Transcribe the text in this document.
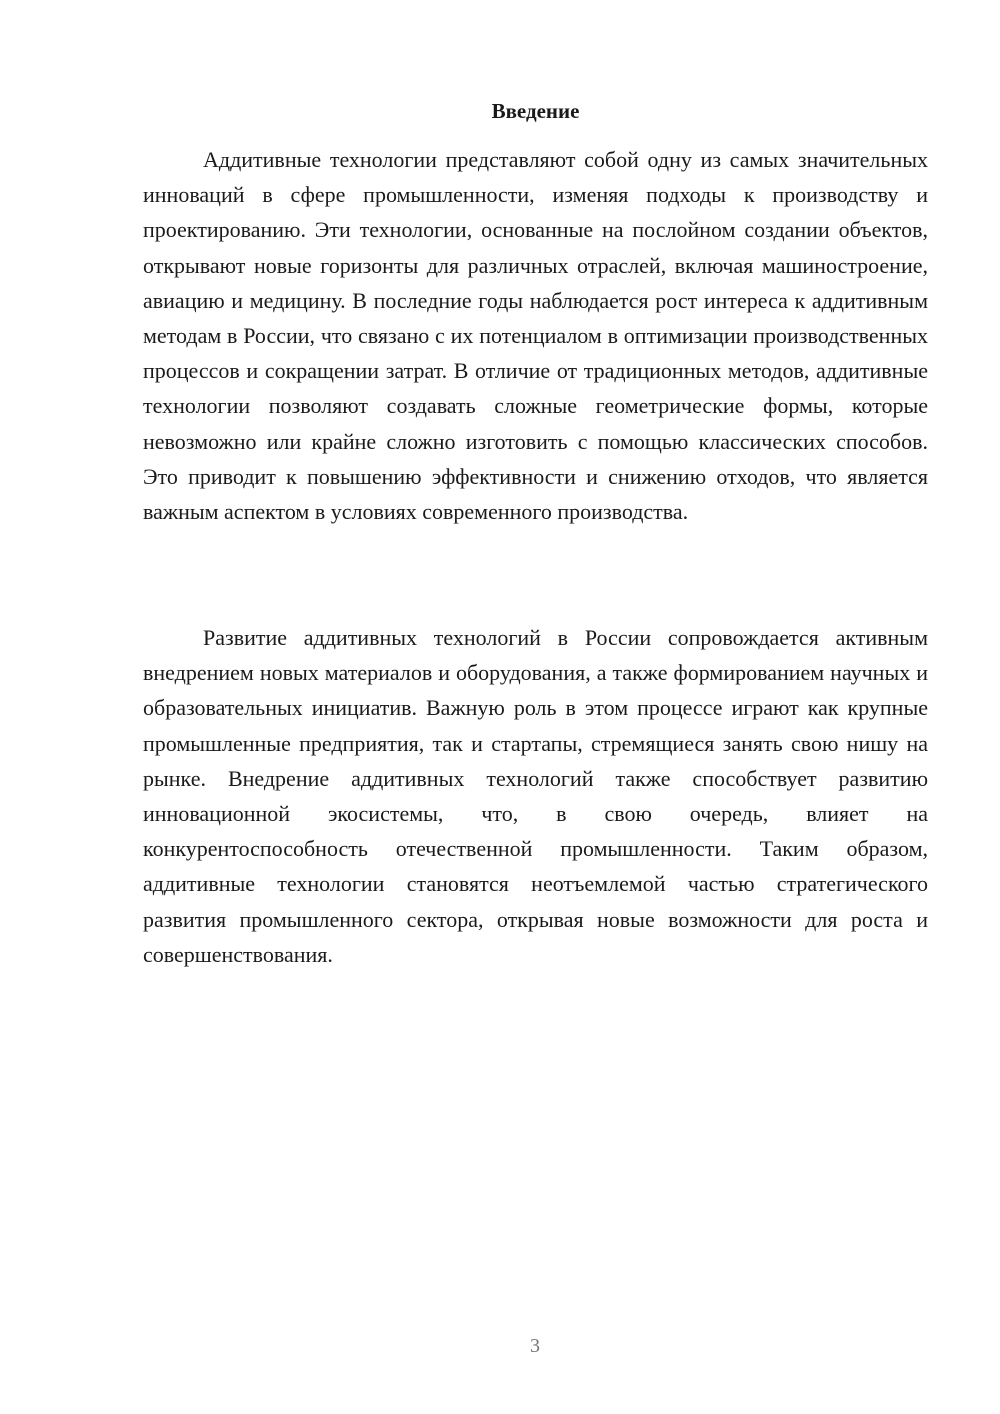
Введение

Аддитивные технологии представляют собой одну из самых значительных инноваций в сфере промышленности, изменяя подходы к производству и проектированию. Эти технологии, основанные на послойном создании объектов, открывают новые горизонты для различных отраслей, включая машиностроение, авиацию и медицину. В последние годы наблюдается рост интереса к аддитивным методам в России, что связано с их потенциалом в оптимизации производственных процессов и сокращении затрат. В отличие от традиционных методов, аддитивные технологии позволяют создавать сложные геометрические формы, которые невозможно или крайне сложно изготовить с помощью классических способов. Это приводит к повышению эффективности и снижению отходов, что является важным аспектом в условиях современного производства.

Развитие аддитивных технологий в России сопровождается активным внедрением новых материалов и оборудования, а также формированием научных и образовательных инициатив. Важную роль в этом процессе играют как крупные промышленные предприятия, так и стартапы, стремящиеся занять свою нишу на рынке. Внедрение аддитивных технологий также способствует развитию инновационной экосистемы, что, в свою очередь, влияет на конкурентоспособность отечественной промышленности. Таким образом, аддитивные технологии становятся неотъемлемой частью стратегического развития промышленного сектора, открывая новые возможности для роста и совершенствования.

3
